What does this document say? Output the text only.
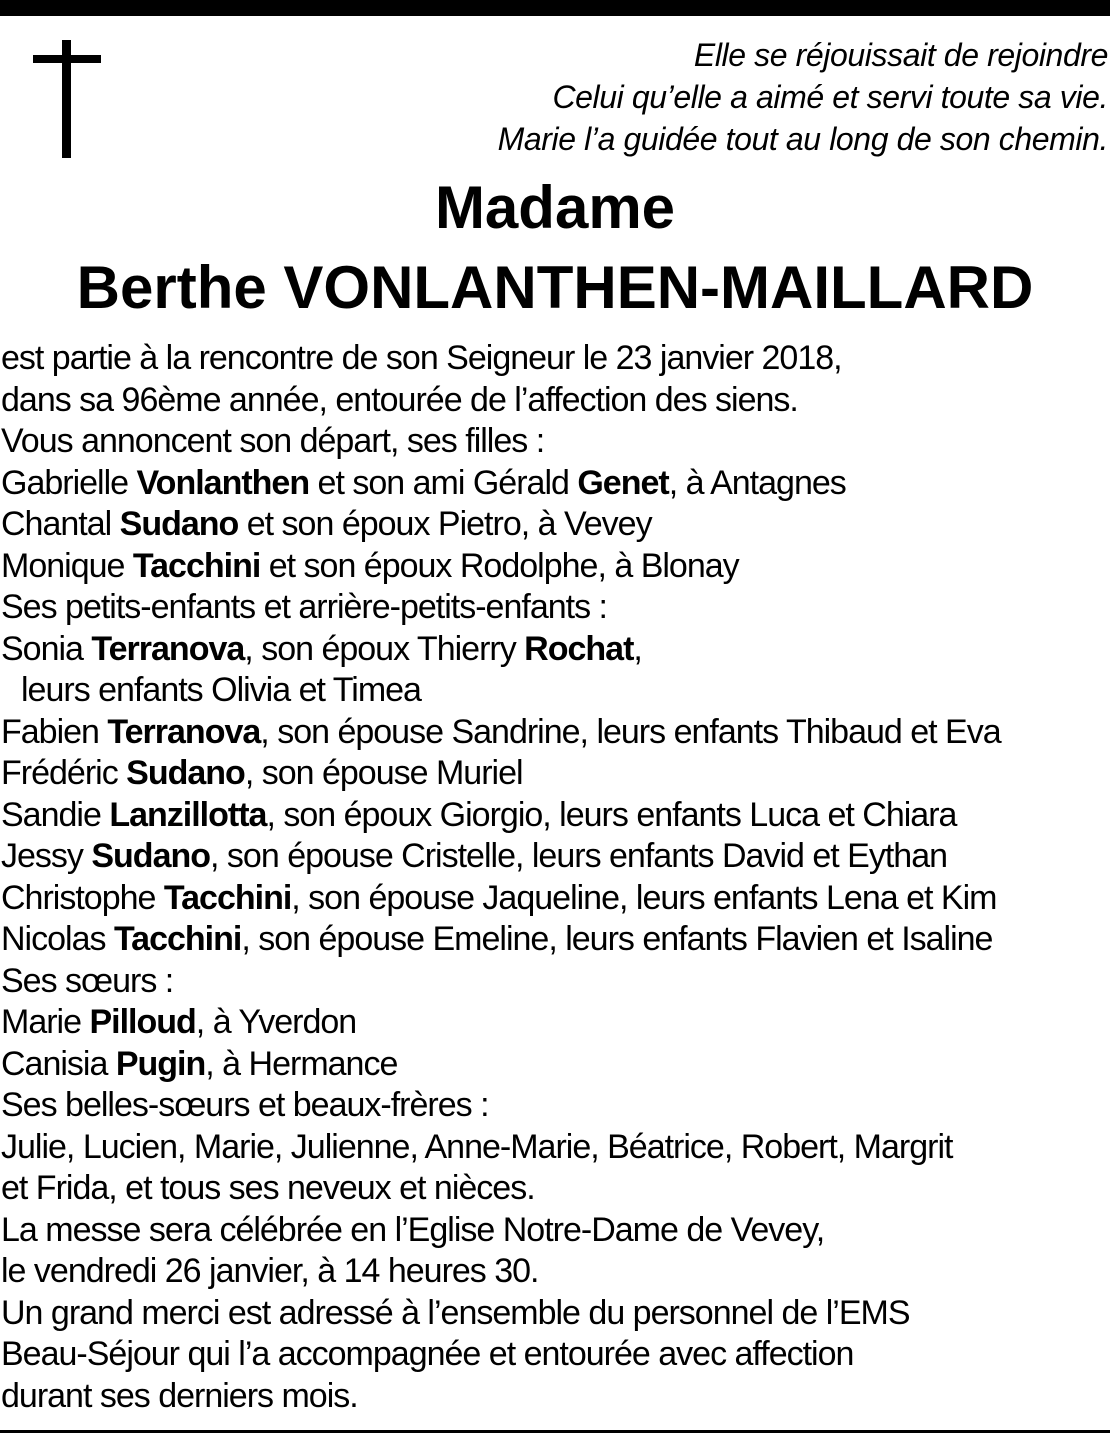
Elle se réjouissait de rejoindre
Celui qu’elle a aimé et servi toute sa vie.
Marie l’a guidée tout au long de son chemin.
Madame
Berthe VONLANTHEN-MAILLARD
est partie à la rencontre de son Seigneur le 23 janvier 2018,
dans sa 96ème année, entourée de l’affection des siens.
Vous annoncent son départ, ses filles :
Gabrielle Vonlanthen et son ami Gérald Genet, à Antagnes
Chantal Sudano et son époux Pietro, à Vevey
Monique Tacchini et son époux Rodolphe, à Blonay
Ses petits-enfants et arrière-petits-enfants :
Sonia Terranova, son époux Thierry Rochat,
leurs enfants Olivia et Timea
Fabien Terranova, son épouse Sandrine, leurs enfants Thibaud et Eva
Frédéric Sudano, son épouse Muriel
Sandie Lanzillotta, son époux Giorgio, leurs enfants Luca et Chiara
Jessy Sudano, son épouse Cristelle, leurs enfants David et Eythan
Christophe Tacchini, son épouse Jaqueline, leurs enfants Lena et Kim
Nicolas Tacchini, son épouse Emeline, leurs enfants Flavien et Isaline
Ses sœurs :
Marie Pilloud, à Yverdon
Canisia Pugin, à Hermance
Ses belles-sœurs et beaux-frères :
Julie, Lucien, Marie, Julienne, Anne-Marie, Béatrice, Robert, Margrit
et Frida, et tous ses neveux et nièces.
La messe sera célébrée en l’Eglise Notre-Dame de Vevey,
le vendredi 26 janvier, à 14 heures 30.
Un grand merci est adressé à l’ensemble du personnel de l’EMS
Beau-Séjour qui l’a accompagnée et entourée avec affection
durant ses derniers mois.
